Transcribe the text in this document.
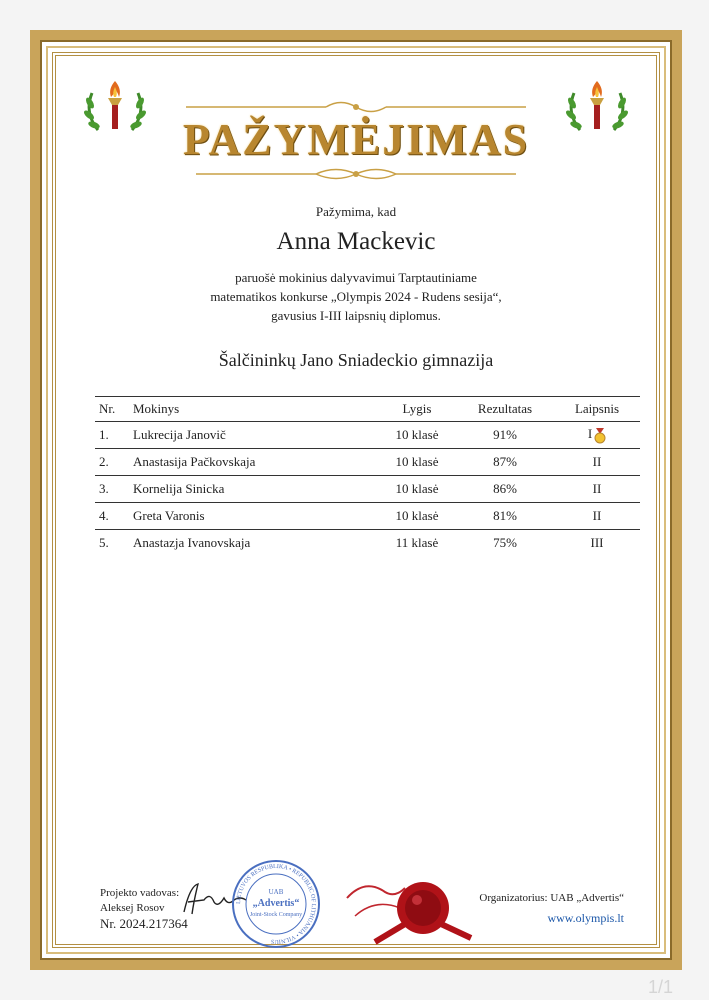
PAŽYMĖJIMAS
Pažymima, kad
Anna Mackevic
paruošė mokinius dalyvavimui Tarptautiniame
matematikos konkurse „Olympis 2024 - Rudens sesija“,
gavusius I-III laipsnių diplomus.
Šalčininkų Jano Sniadeckio gimnazija
Nr.	Mokinys	Lygis	Rezultatas	Laipsnis
1.	Lukrecija Janovič	10 klasė	91%	I
2.	Anastasija Pačkovskaja	10 klasė	87%	II
3.	Kornelija Sinicka	10 klasė	86%	II
4.	Greta Varonis	10 klasė	81%	II
5.	Anastazja Ivanovskaja	11 klasė	75%	III
Projekto vadovas:
Aleksej Rosov
Nr. 2024.217364
LIETUVOS RESPUBLIKA • REPUBLIC OF LITHUANIA • VILNIUS
UAB
„Advertis“
Joint-Stock Company
Organizatorius: UAB „Advertis“
www.olympis.lt
1/1
